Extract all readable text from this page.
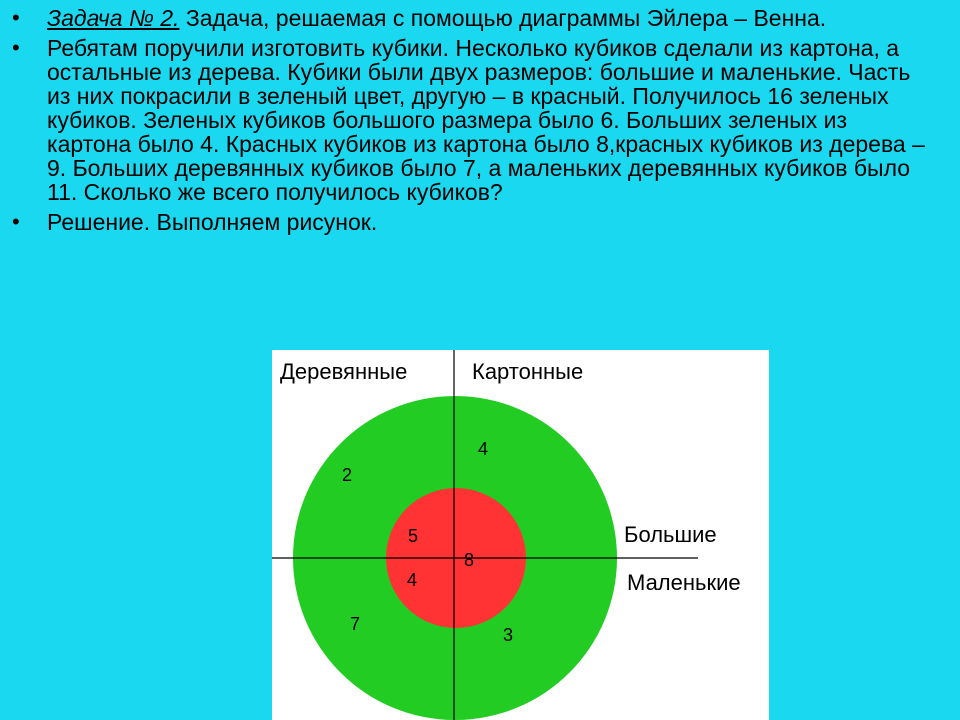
• Задача № 2. Задача, решаемая с помощью диаграммы Эйлера – Венна.
• Ребятам поручили изготовить кубики. Несколько кубиков сделали из картона, а остальные из дерева. Кубики были двух размеров: большие и маленькие. Часть из них покрасили в зеленый цвет, другую – в красный. Получилось 16 зеленых кубиков. Зеленых кубиков большого размера было 6. Больших зеленых из картона было 4. Красных кубиков из картона было 8,красных кубиков из дерева – 9. Больших деревянных кубиков было 7, а маленьких деревянных кубиков было 11. Сколько же всего получилось кубиков?
• Решение. Выполняем рисунок.
Деревянные	Картонные
Большие
Маленькие
2
4
5
8
4
7
3
